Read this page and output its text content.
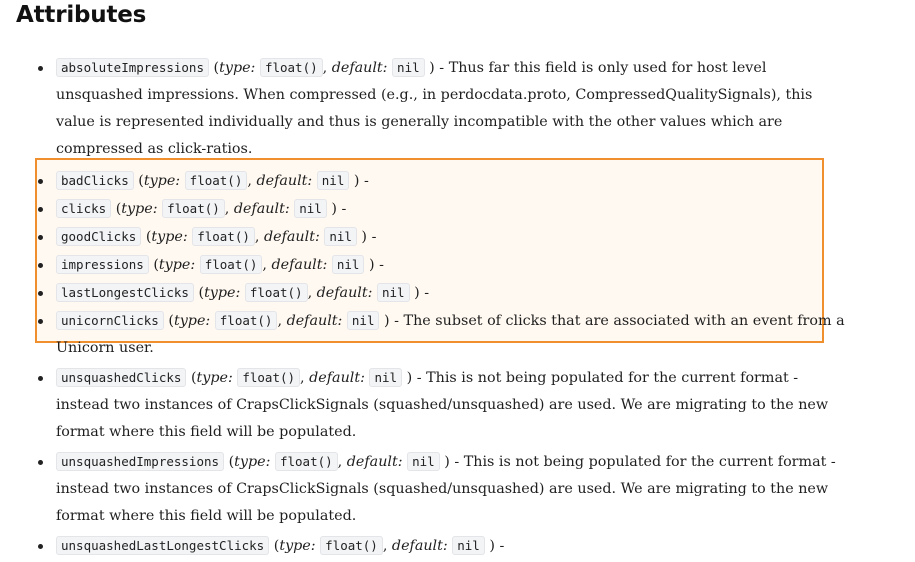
Attributes
absoluteImpressions (type: float() , default: nil ) - Thus far this field is only used for host level unsquashed impressions. When compressed (e.g., in perdocdata.proto, CompressedQualitySignals), this value is represented individually and thus is generally incompatible with the other values which are compressed as click-ratios.
badClicks (type: float() , default: nil ) -
clicks (type: float() , default: nil ) -
goodClicks (type: float() , default: nil ) -
impressions (type: float() , default: nil ) -
lastLongestClicks (type: float() , default: nil ) -
unicornClicks (type: float() , default: nil ) - The subset of clicks that are associated with an event from a Unicorn user.
unsquashedClicks (type: float() , default: nil ) - This is not being populated for the current format - instead two instances of CrapsClickSignals (squashed/unsquashed) are used. We are migrating to the new format where this field will be populated.
unsquashedImpressions (type: float() , default: nil ) - This is not being populated for the current format - instead two instances of CrapsClickSignals (squashed/unsquashed) are used. We are migrating to the new format where this field will be populated.
unsquashedLastLongestClicks (type: float() , default: nil ) -
